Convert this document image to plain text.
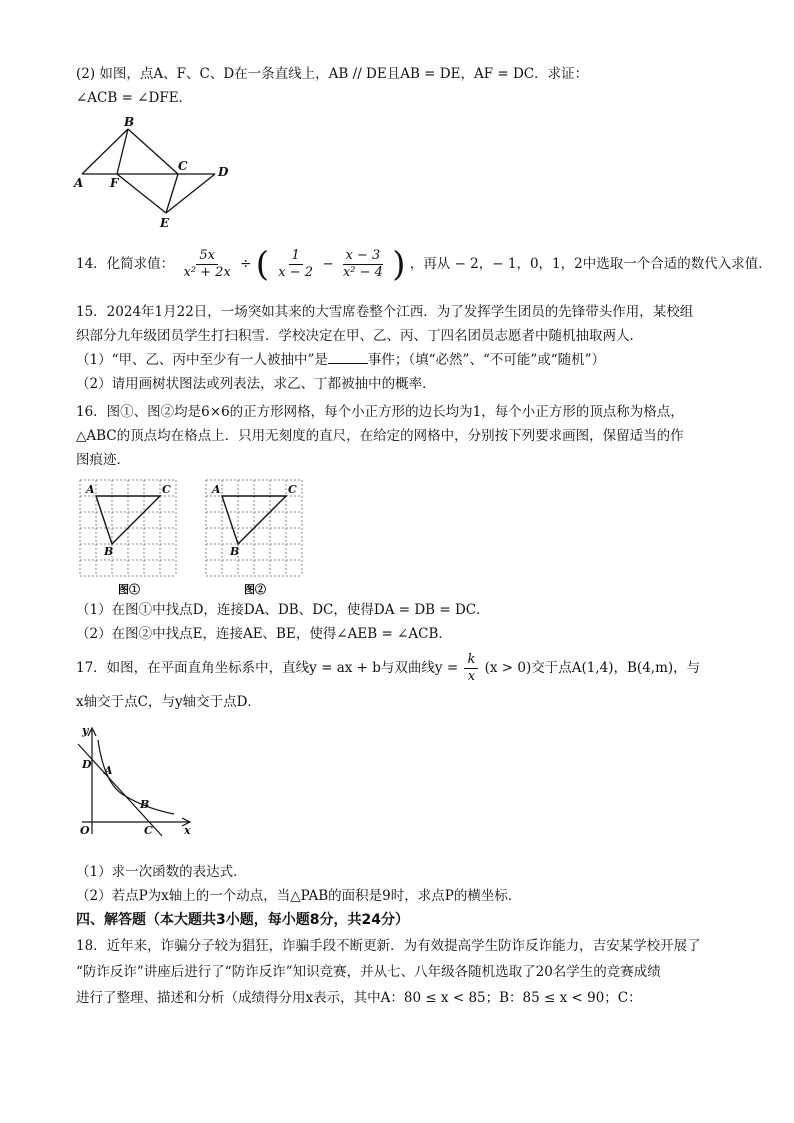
(2) 如图，点A、F、C、D在一条直线上，AB // DE且AB = DE，AF = DC．求证：
∠ACB = ∠DFE．
B
A F
C	D
E
14．化简求值： $\frac{5x}{\text{x² + 2x}}$ ÷ ( $\frac{1}{x - 2} - \frac{x - 3}{\text{x² − 4}}$ ) ，再从 − 2，− 1，0，1，2中选取一个合适的数代入求值．
15．2024年1月22日，一场突如其来的大雪席卷整个江西．为了发挥学生团员的先锋带头作用，某校组
织部分九年级团员学生打扫积雪．学校决定在甲、乙、丙、丁四名团员志愿者中随机抽取两人．
（1）“甲、乙、丙中至少有一人被抽中”是	事件；（填“必然”、“不可能”或“随机”）
（2）请用画树状图法或列表法，求乙、丁都被抽中的概率．
16．图①、图②均是6×6的正方形网格，每个小正方形的边长均为1，每个小正方形的顶点称为格点，
△ABC的顶点均在格点上．只用无刻度的直尺，在给定的网格中，分别按下列要求画图，保留适当的作
图痕迹．
A	C
B
图①
A	C
B
图②
（1）在图①中找点D，连接DA、DB、DC，使得DA = DB = DC．
（2）在图②中找点E，连接AE、BE，使得∠AEB = ∠ACB．
17．如图，在平面直角坐标系中，直线y = ax + b与双曲线$y = \frac{k}{x} (x > 0)$交于点A(1,4)，B(4,m)，与
x轴交于点C，与y轴交于点D．
y
x
O
D A
B
C
（1）求一次函数的表达式．
（2）若点P为x轴上的一个动点，当△PAB的面积是9时，求点P的横坐标．
四、解答题（本大题共3小题，每小题8分，共24分）
18．近年来，诈骗分子较为猖狂，诈骗手段不断更新．为有效提高学生防诈反诈能力，吉安某学校开展了
“防诈反诈”讲座后进行了“防诈反诈”知识竞赛，并从七、八年级各随机选取了20名学生的竞赛成绩
进行了整理、描述和分析（成绩得分用x表示，其中A：80 ≤ x < 85；B：85 ≤ x < 90；C：
